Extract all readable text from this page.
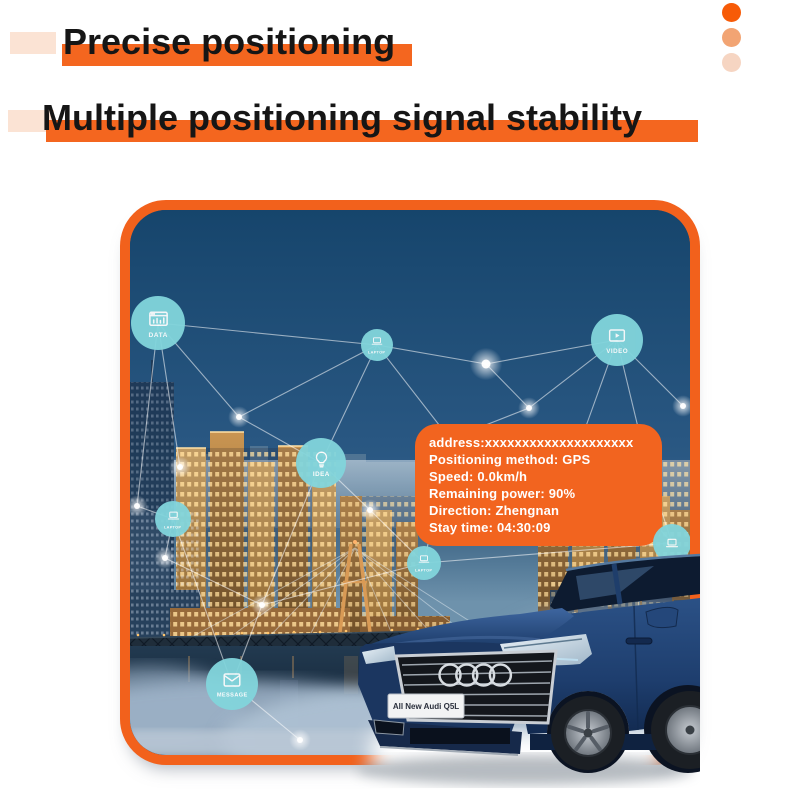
Precise positioning
Multiple positioning signal stability
address:xxxxxxxxxxxxxxxxxxxx
Positioning method: GPS
Speed: 0.0km/h
Remaining power: 90%
Direction: Zhengnan
Stay time: 04:30:09
DATA
LAPTOP	VIDEO
IDEA
LAPTOP
LAPTOP
MESSAGE
All New Audi Q5L
